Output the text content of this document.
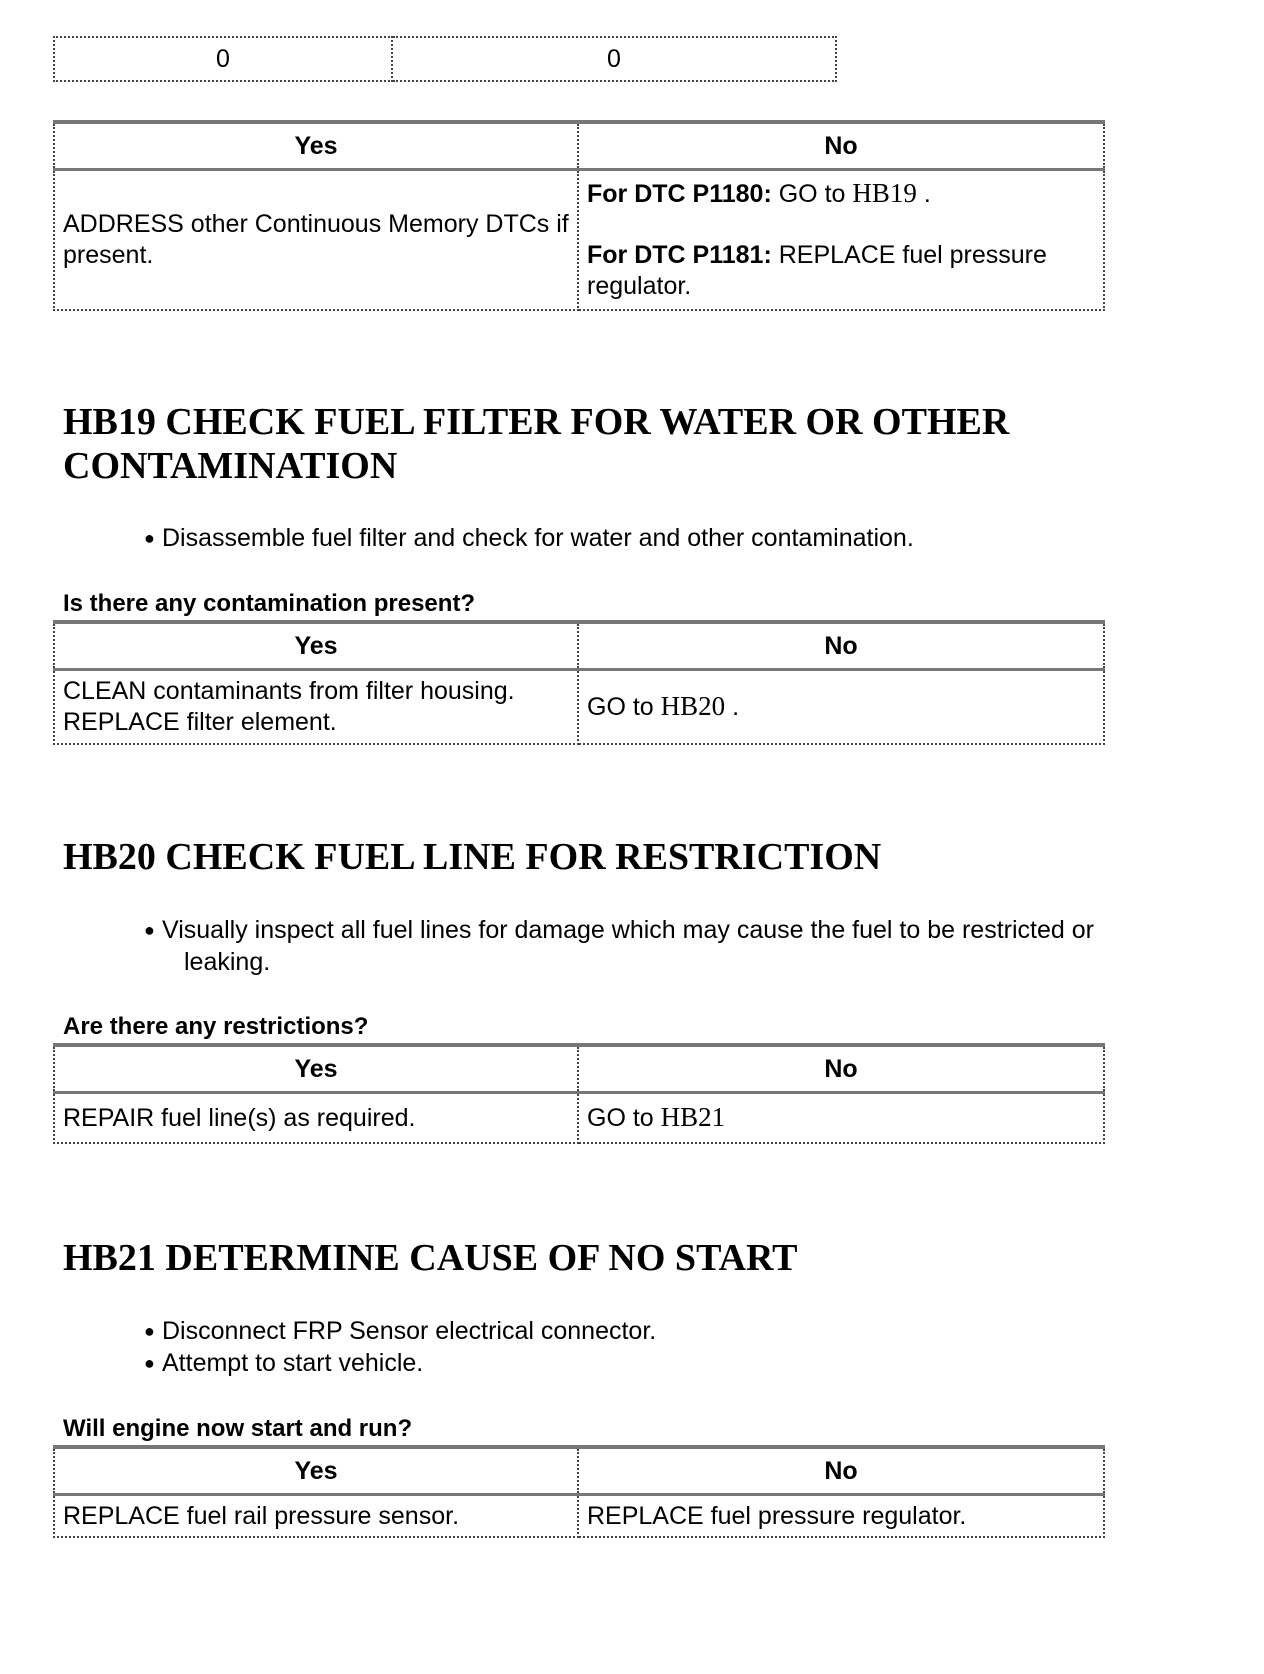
0	0
Yes	No
ADDRESS other Continuous Memory DTCs if present.	For DTC P1180: GO to HB19 .
For DTC P1181: REPLACE fuel pressure regulator.
HB19 CHECK FUEL FILTER FOR WATER OR OTHER
CONTAMINATION
● Disassemble fuel filter and check for water and other contamination.

Is there any contamination present?

Yes	No
CLEAN contaminants from filter housing.
REPLACE filter element.	GO to HB20 .
HB20 CHECK FUEL LINE FOR RESTRICTION
● Visually inspect all fuel lines for damage which may cause the fuel to be restricted or leaking.

Are there any restrictions?

Yes	No
REPAIR fuel line(s) as required.	GO to HB21
HB21 DETERMINE CAUSE OF NO START
● Disconnect FRP Sensor electrical connector.
● Attempt to start vehicle.

Will engine now start and run?

Yes	No
REPLACE fuel rail pressure sensor.	REPLACE fuel pressure regulator.
